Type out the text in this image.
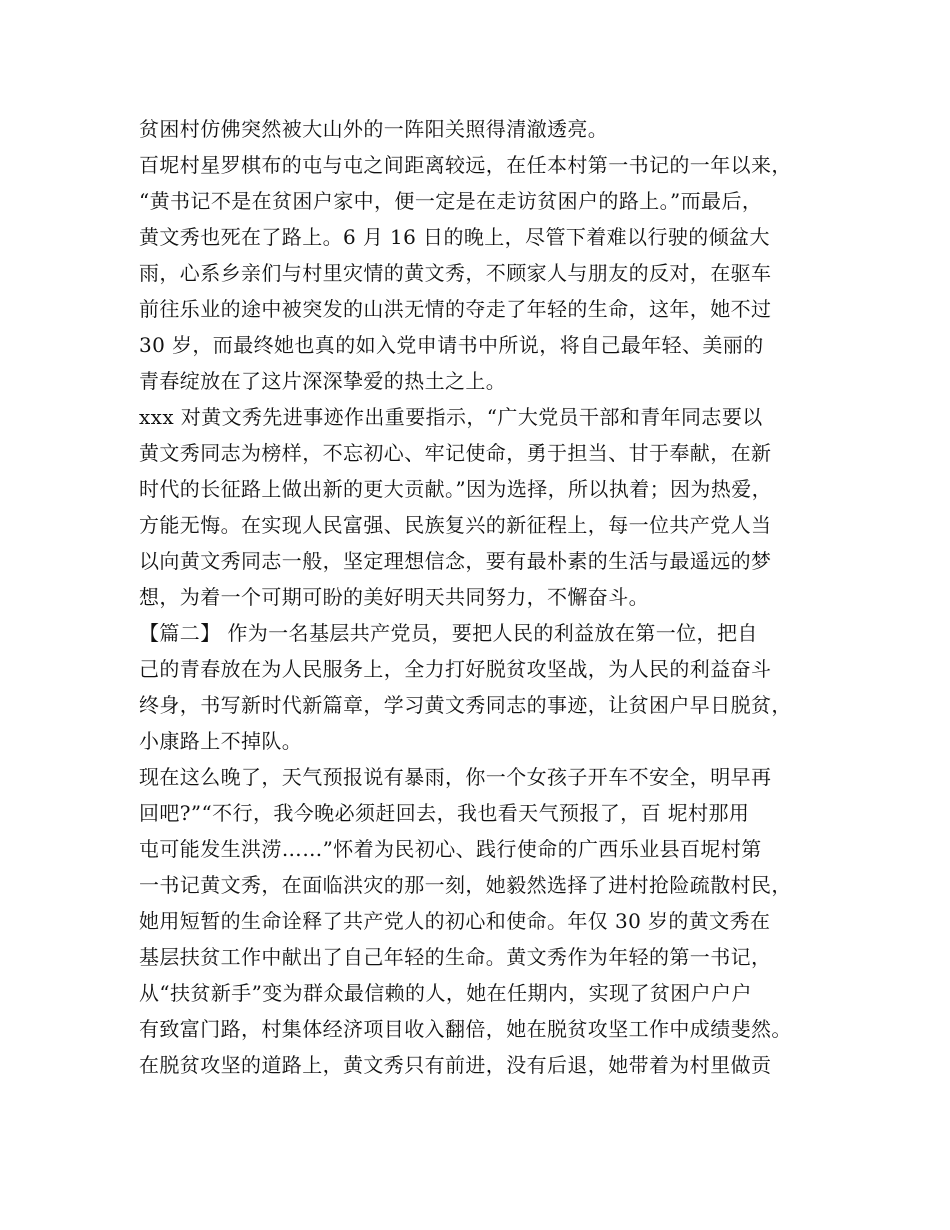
贫困村仿佛突然被大山外的一阵阳关照得清澈透亮。
百坭村星罗棋布的屯与屯之间距离较远，在任本村第一书记的一年以来，
“黄书记不是在贫困户家中，便一定是在走访贫困户的路上。”而最后，
黄文秀也死在了路上。6 月 16 日的晚上，尽管下着难以行驶的倾盆大
雨，心系乡亲们与村里灾情的黄文秀，不顾家人与朋友的反对，在驱车
前往乐业的途中被突发的山洪无情的夺走了年轻的生命，这年，她不过
30 岁，而最终她也真的如入党申请书中所说，将自己最年轻、美丽的
青春绽放在了这片深深挚爱的热土之上。
xxx 对黄文秀先进事迹作出重要指示，“广大党员干部和青年同志要以
黄文秀同志为榜样，不忘初心、牢记使命，勇于担当、甘于奉献，在新
时代的长征路上做出新的更大贡献。”因为选择，所以执着；因为热爱，
方能无悔。在实现人民富强、民族复兴的新征程上，每一位共产党人当
以向黄文秀同志一般，坚定理想信念，要有最朴素的生活与最遥远的梦
想，为着一个可期可盼的美好明天共同努力，不懈奋斗。
【篇二】 作为一名基层共产党员，要把人民的利益放在第一位，把自
己的青春放在为人民服务上，全力打好脱贫攻坚战，为人民的利益奋斗
终身，书写新时代新篇章，学习黄文秀同志的事迹，让贫困户早日脱贫，
小康路上不掉队。
现在这么晚了，天气预报说有暴雨，你一个女孩子开车不安全，明早再
回吧?”“不行，我今晚必须赶回去，我也看天气预报了，百 坭村那用
屯可能发生洪涝……”怀着为民初心、践行使命的广西乐业县百坭村第
一书记黄文秀，在面临洪灾的那一刻，她毅然选择了进村抢险疏散村民，
她用短暂的生命诠释了共产党人的初心和使命。年仅 30 岁的黄文秀在
基层扶贫工作中献出了自己年轻的生命。黄文秀作为年轻的第一书记，
从“扶贫新手”变为群众最信赖的人，她在任期内，实现了贫困户户户
有致富门路，村集体经济项目收入翻倍，她在脱贫攻坚工作中成绩斐然。
在脱贫攻坚的道路上，黄文秀只有前进，没有后退，她带着为村里做贡
